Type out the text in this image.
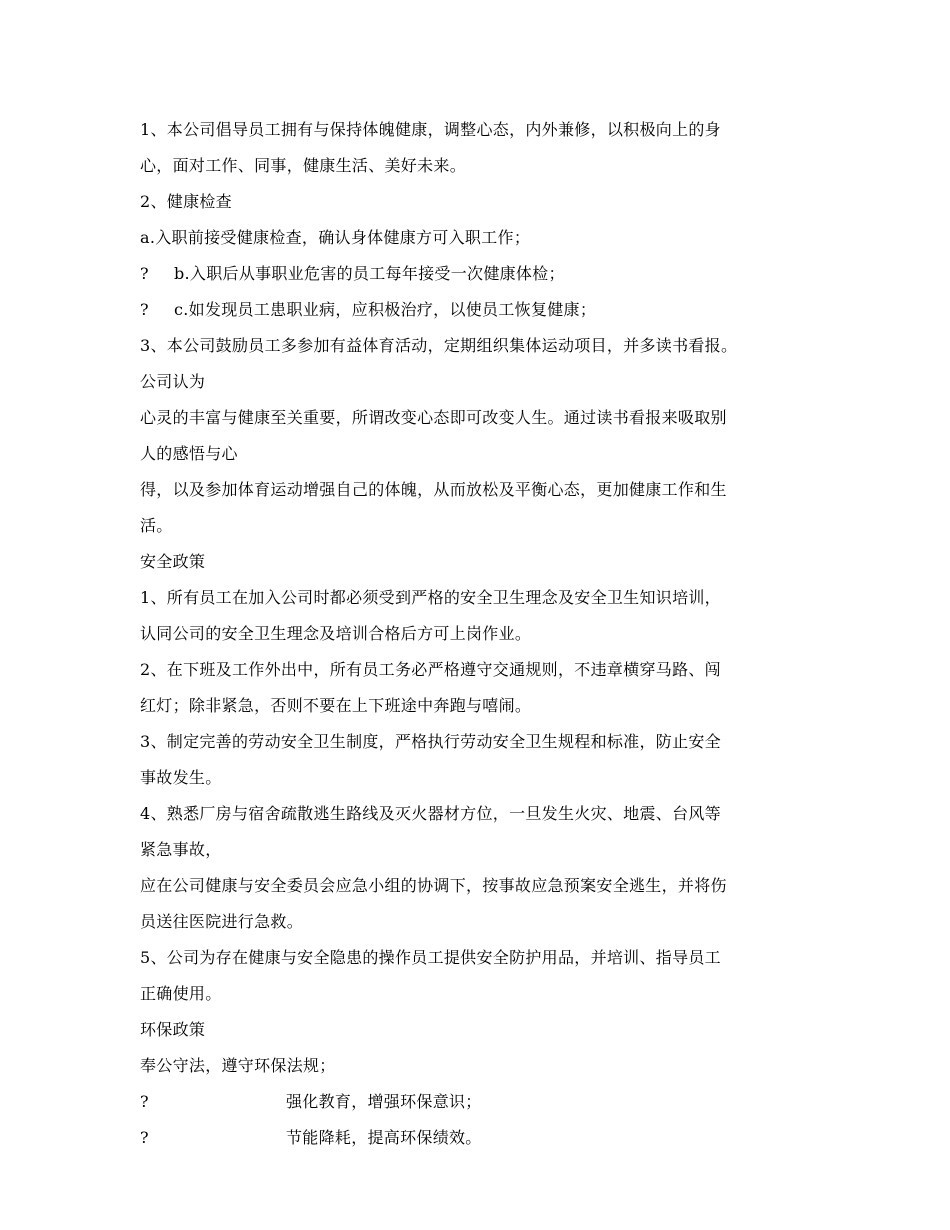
1、本公司倡导员工拥有与保持体魄健康，调整心态，内外兼修，以积极向上的身
心，面对工作、同事，健康生活、美好未来。
2、健康检查
a.入职前接受健康检查，确认身体健康方可入职工作；
? b.入职后从事职业危害的员工每年接受一次健康体检；
? c.如发现员工患职业病，应积极治疗，以使员工恢复健康；
3、本公司鼓励员工多参加有益体育活动，定期组织集体运动项目，并多读书看报。
公司认为
心灵的丰富与健康至关重要，所谓改变心态即可改变人生。通过读书看报来吸取别
人的感悟与心
得，以及参加体育运动增强自己的体魄，从而放松及平衡心态，更加健康工作和生
活。
安全政策
1、所有员工在加入公司时都必须受到严格的安全卫生理念及安全卫生知识培训，
认同公司的安全卫生理念及培训合格后方可上岗作业。
2、在下班及工作外出中，所有员工务必严格遵守交通规则，不违章横穿马路、闯
红灯；除非紧急，否则不要在上下班途中奔跑与嘻闹。
3、制定完善的劳动安全卫生制度，严格执行劳动安全卫生规程和标准，防止安全
事故发生。
4、熟悉厂房与宿舍疏散逃生路线及灭火器材方位，一旦发生火灾、地震、台风等
紧急事故，
应在公司健康与安全委员会应急小组的协调下，按事故应急预案安全逃生，并将伤
员送往医院进行急救。
5、公司为存在健康与安全隐患的操作员工提供安全防护用品，并培训、指导员工
正确使用。
环保政策
奉公守法，遵守环保法规；
?	强化教育，增强环保意识；
?	节能降耗，提高环保绩效。
